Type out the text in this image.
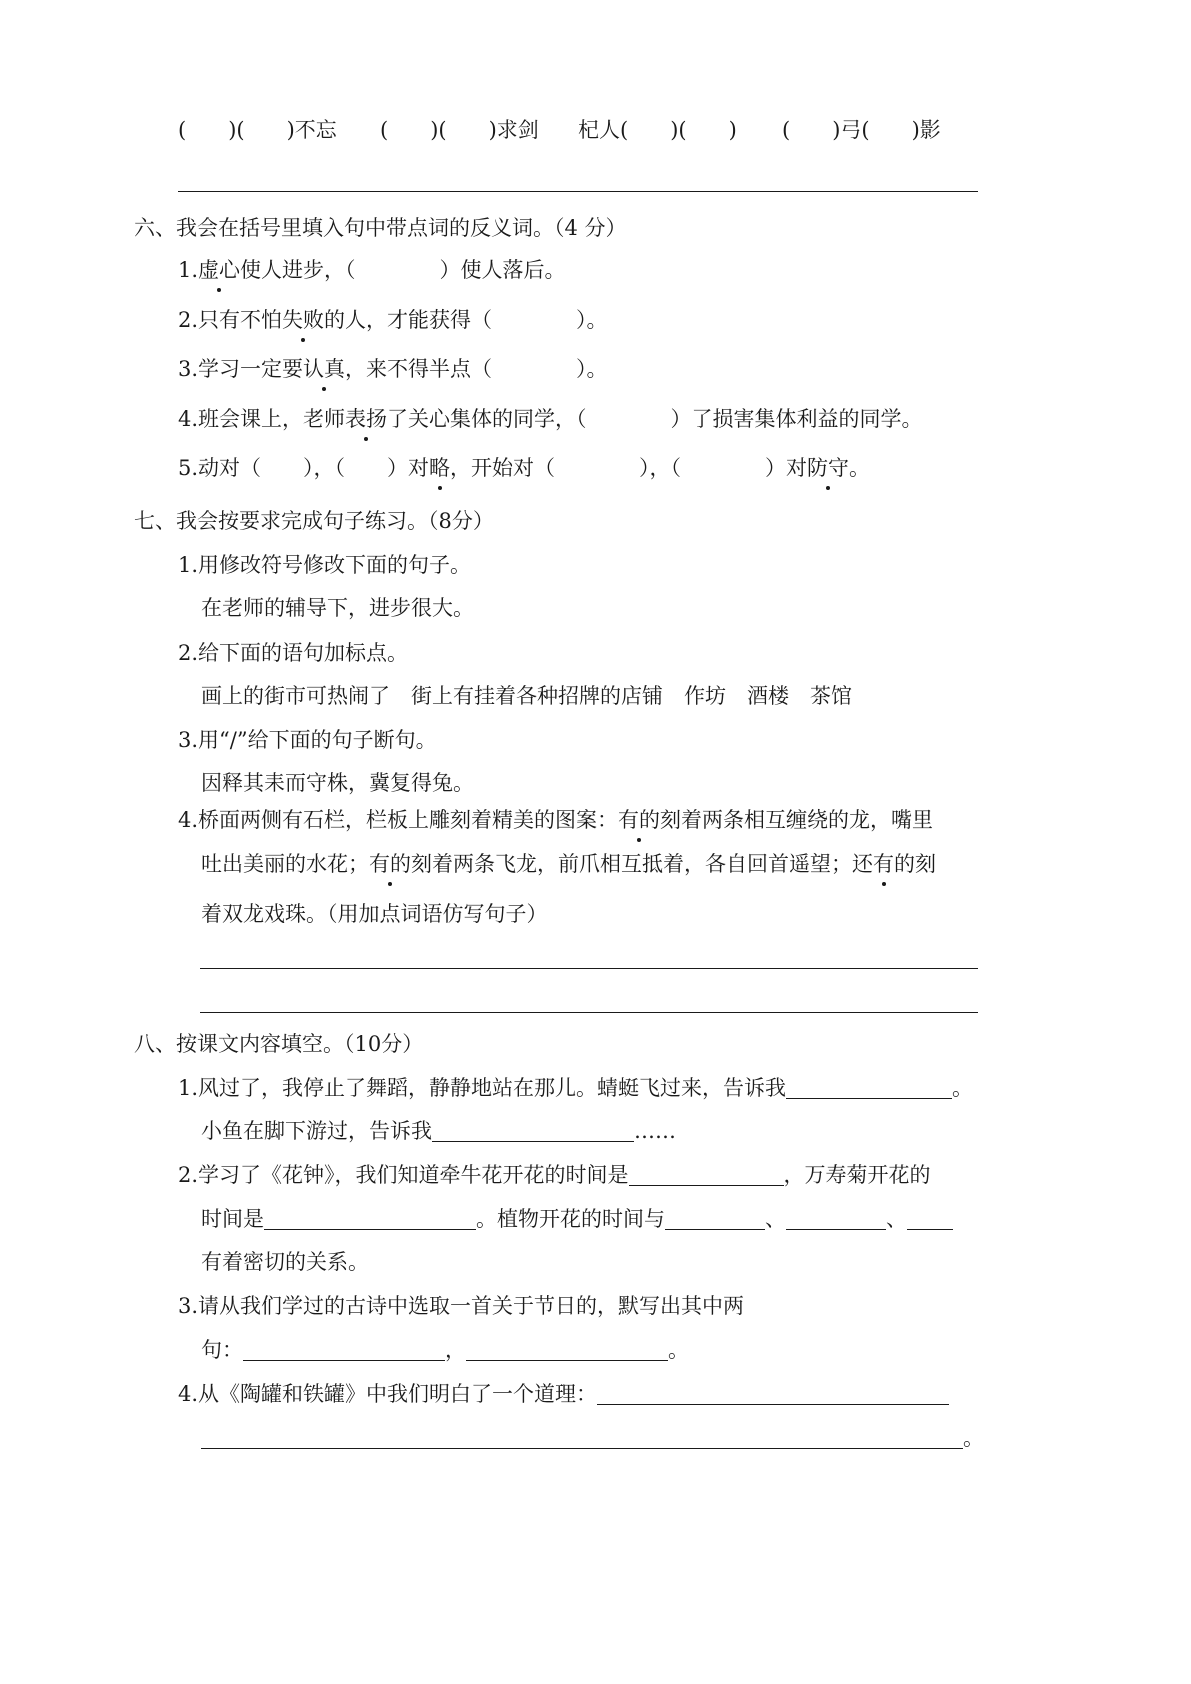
(　　)(　　)不忘 (　　)(　　)求剑 杞人(　　)(　　) (　　)弓(　　)影
六、我会在括号里填入句中带点词的反义词。（4 分）
1.虚心使人进步，（　　　　）使人落后。
2.只有不怕失败的人，才能获得（　　　　）。
3.学习一定要认真，来不得半点（　　　　）。
4.班会课上，老师表扬了关心集体的同学，（　　　　）了损害集体利益的同学。
5.动对（　　），（　　）对略，开始对（　　　　），（　　　　）对防守。
七、我会按要求完成句子练习。（8分）
1.用修改符号修改下面的句子。
在老师的辅导下，进步很大。
2.给下面的语句加标点。
画上的街市可热闹了　街上有挂着各种招牌的店铺　作坊　酒楼　茶馆
3.用“/”给下面的句子断句。
因释其耒而守株，冀复得兔。
4.桥面两侧有石栏，栏板上雕刻着精美的图案：有的刻着两条相互缠绕的龙，嘴里
吐出美丽的水花；有的刻着两条飞龙，前爪相互抵着，各自回首遥望；还有的刻
着双龙戏珠。（用加点词语仿写句子）
八、按课文内容填空。（10分）
1.风过了，我停止了舞蹈，静静地站在那儿。蜻蜓飞过来，告诉我	。
小鱼在脚下游过，告诉我	……
2.学习了《花钟》，我们知道牵牛花开花的时间是	，万寿菊开花的
时间是	。植物开花的时间与	、	、
有着密切的关系。
3.请从我们学过的古诗中选取一首关于节日的，默写出其中两
句：	，	。
4.从《陶罐和铁罐》中我们明白了一个道理：
。
